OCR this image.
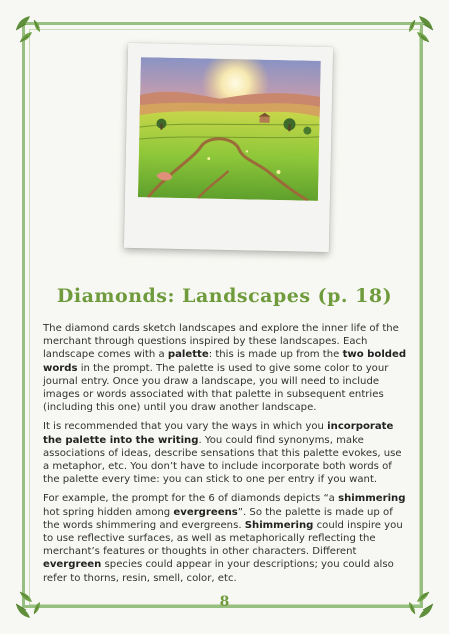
Diamonds: Landscapes (p. 18)

The diamond cards sketch landscapes and explore the inner life of the merchant through questions inspired by these landscapes. Each landscape comes with a palette: this is made up from the two bolded words in the prompt. The palette is used to give some color to your journal entry. Once you draw a landscape, you will need to include images or words associated with that palette in subsequent entries (including this one) until you draw another landscape.

It is recommended that you vary the ways in which you incorporate the palette into the writing. You could find synonyms, make associations of ideas, describe sensations that this palette evokes, use a metaphor, etc. You don’t have to include incorporate both words of the palette every time: you can stick to one per entry if you want.

For example, the prompt for the 6 of diamonds depicts “a shimmering hot spring hidden among evergreens”. So the palette is made up of the words shimmering and evergreens. Shimmering could inspire you to use reflective surfaces, as well as metaphorically reflecting the merchant’s features or thoughts in other characters. Different evergreen species could appear in your descriptions; you could also refer to thorns, resin, smell, color, etc.

8
